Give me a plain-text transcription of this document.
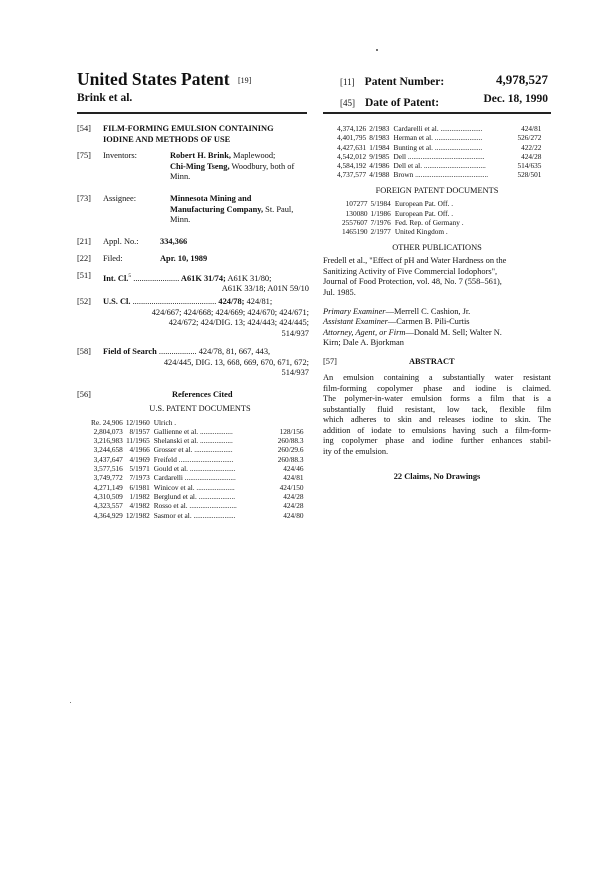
United States Patent [19]
Brink et al.
[11] Patent Number:	4,978,527
[45] Date of Patent:	Dec. 18, 1990
[54] FILM-FORMING EMULSION CONTAINING
IODINE AND METHODS OF USE
[75] Inventors:	Robert H. Brink, Maplewood;
Chi-Ming Tseng, Woodbury, both of
Minn.
[73] Assignee:	Minnesota Mining and
Manufacturing Company, St. Paul,
Minn.
[21] Appl. No.:	334,366
[22] Filed:	Apr. 10, 1989
[51] Int. Cl.$^5$ ...................... A61K 31/74; A61K 31/80;
A61K 33/18; A01N 59/10
[52] U.S. Cl. ........................................ 424/78; 424/81;
424/667; 424/668; 424/669; 424/670; 424/671;
424/672; 424/DIG. 13; 424/443; 424/445;
514/937
[58] Field of Search .................. 424/78, 81, 667, 443,
424/445, DIG. 13, 668, 669, 670, 671, 672;
514/937
[56]	References Cited
U.S. PATENT DOCUMENTS
Re. 24,906	12/1960	Ulrich .	
2,804,073	8/1957	Gallienne et al. ..................	128/156
3,216,983	11/1965	Shelanski et al. ..................	260/88.3
3,244,658	4/1966	Grosser et al. .....................	260/29.6
3,437,647	4/1969	Freifeld ..............................	260/88.3
3,577,516	5/1971	Gould et al. .........................	424/46
3,749,772	7/1973	Cardarelli ............................	424/81
4,271,149	6/1981	Winicov et al. .....................	424/150
4,310,509	1/1982	Berglund et al. ....................	424/28
4,323,557	4/1982	Rosso et al. ..........................	424/28
4,364,929	12/1982	Sasmor et al. .......................	424/80
4,374,126	2/1983	Cardarelli et al. .......................	424/81
4,401,795	8/1983	Herman et al. ..........................	526/272
4,427,631	1/1984	Bunting et al. ..........................	422/22
4,542,012	9/1985	Dell ..........................................	424/28
4,584,192	4/1986	Dell et al. ..................................	514/635
4,737,577	4/1988	Brown ........................................	528/501
FOREIGN PATENT DOCUMENTS
107277	5/1984	European Pat. Off. .
130080	1/1986	European Pat. Off. .
2557607	7/1976	Fed. Rep. of Germany .
1465190	2/1977	United Kingdom .
OTHER PUBLICATIONS
Fredell et al., "Effect of pH and Water Hardness on the
Sanitizing Activity of Five Commercial Iodophors",
Journal of Food Protection, vol. 48, No. 7 (558–561),
Jul. 1985.
Primary Examiner—Merrell C. Cashion, Jr.
Assistant Examiner—Carmen B. Pili-Curtis
Attorney, Agent, or Firm—Donald M. Sell; Walter N.
Kirn; Dale A. Bjorkman
[57]	ABSTRACT
An emulsion containing a substantially water resistant
film-forming copolymer phase and iodine is claimed.
The polymer-in-water emulsion forms a film that is a
substantially fluid resistant, low tack, flexible film
which adheres to skin and releases iodine to skin. The
addition of iodate to emulsions having such a film-form-
ing copolymer phase and iodine further enhances stabil-
ity of the emulsion.
22 Claims, No Drawings
